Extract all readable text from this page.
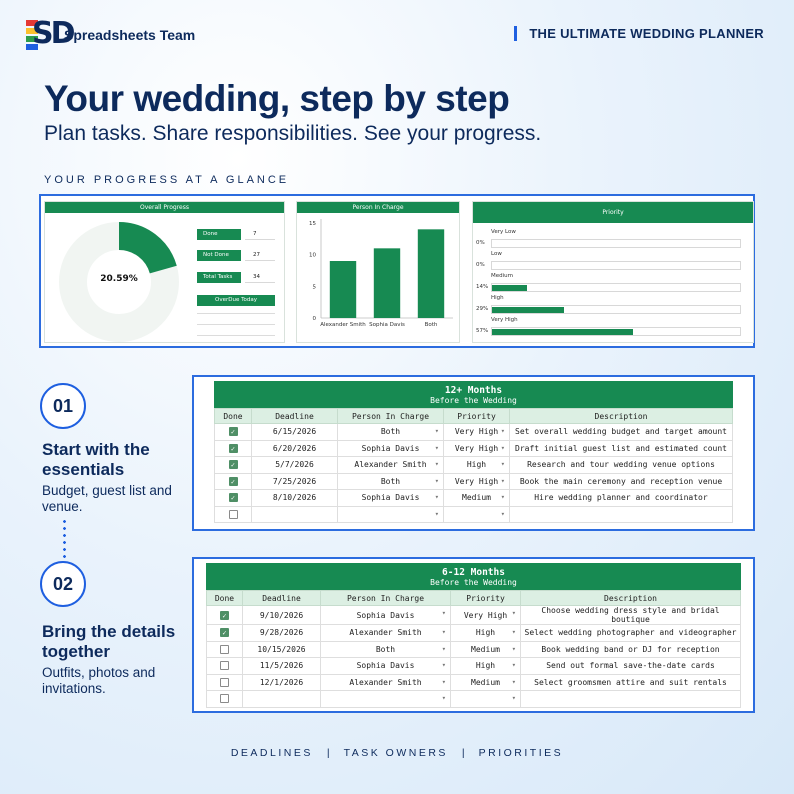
SD
Spreadsheets Team	THE ULTIMATE WEDDING PLANNER
Your wedding, step by step
Plan tasks. Share responsibilities. See your progress.
YOUR PROGRESS AT A GLANCE
Overall Progress
20.59%
Done	7
Not Done	27
Total Tasks	34
OverDue Today
Person In Charge
0
5
10
15
Alexander Smith Sophia Davis	Both
Priority
Very Low
0%
Low
0%
Medium
14%
High
29%
Very High
57%
01
Start with the essentials
Budget, guest list and venue.
02
Bring the details together
Outfits, photos and invitations.
12+ Months
Before the Wedding
Done	Deadline	Person In Charge	Priority	Description
✓	6/15/2026	Both ▾	Very High ▾	Set overall wedding budget and target amount
✓	6/20/2026	Sophia Davis ▾	Very High ▾	Draft initial guest list and estimated count
✓	5/7/2026	Alexander Smith ▾	High ▾	Research and tour wedding venue options
✓	7/25/2026	Both ▾	Very High ▾	Book the main ceremony and reception venue
✓	8/10/2026	Sophia Davis ▾	Medium ▾	Hire wedding planner and coordinator
		▾	▾	
6-12 Months
Before the Wedding
Done	Deadline	Person In Charge	Priority	Description
✓	9/10/2026	Sophia Davis ▾	Very High ▾	Choose wedding dress style and bridal boutique
✓	9/28/2026	Alexander Smith ▾	High ▾	Select wedding photographer and videographer
	10/15/2026	Both ▾	Medium ▾	Book wedding band or DJ for reception
	11/5/2026	Sophia Davis ▾	High ▾	Send out formal save-the-date cards
	12/1/2026	Alexander Smith ▾	Medium ▾	Select groomsmen attire and suit rentals
		▾	▾	
DEADLINES | TASK OWNERS | PRIORITIES
